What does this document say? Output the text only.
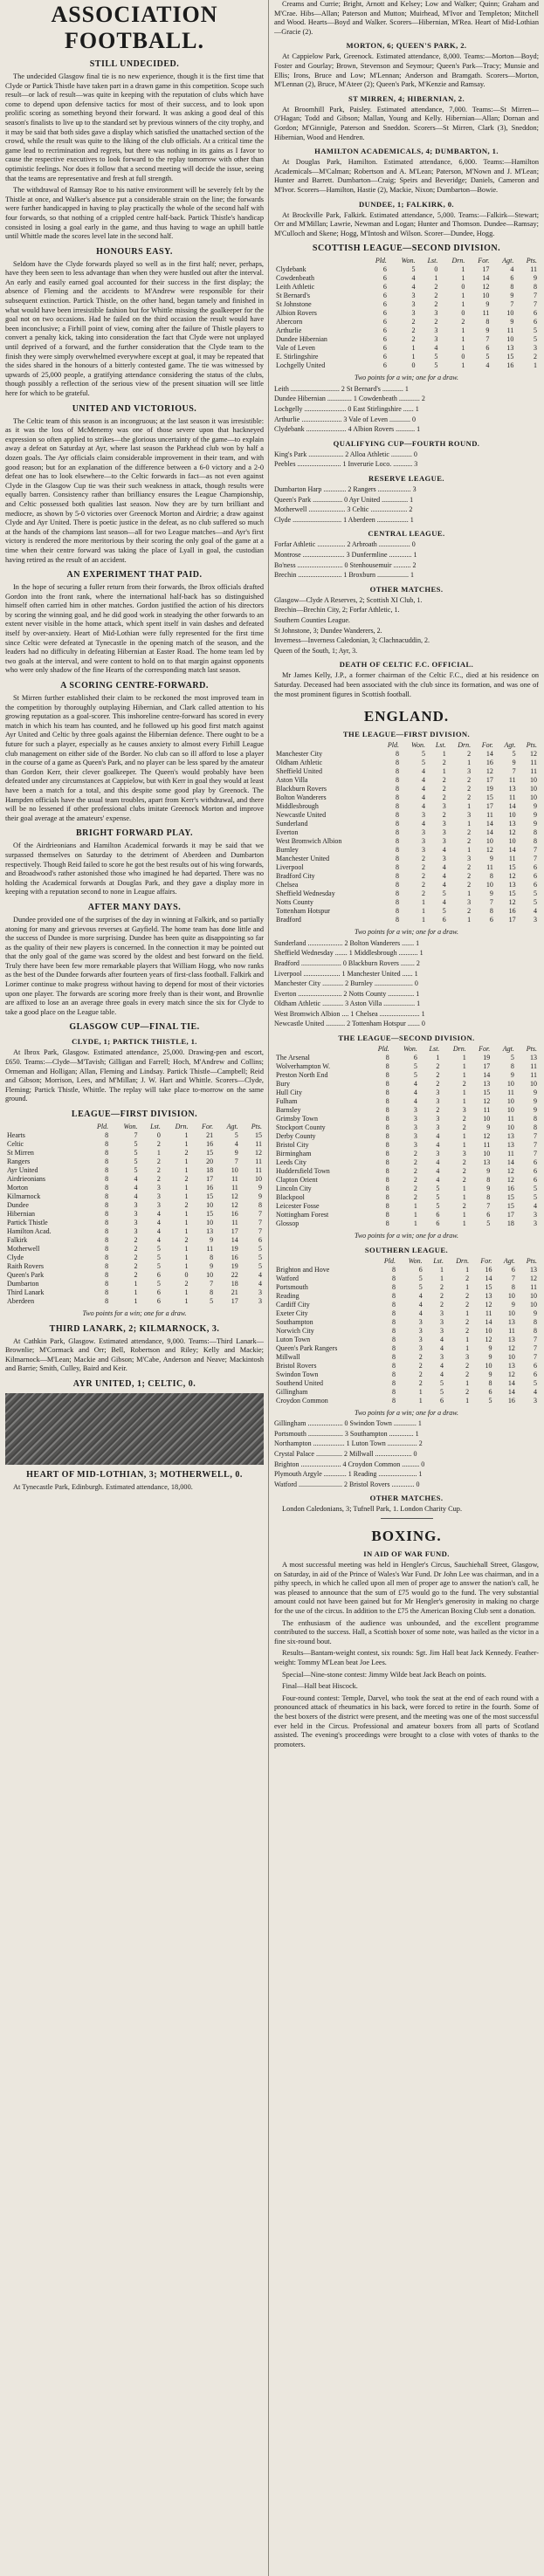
ASSOCIATION FOOTBALL.
STILL UNDECIDED.

The undecided Glasgow final tie is no new experience, though it is the first time that Clyde or Partick Thistle have taken part in a drawn game in this competition. Scope such result—or lack of result—was quite in keeping with the reputation of clubs which have come to depend upon defensive tactics for most of their success, and to look upon prolific scoring as something beyond their forward. It was asking a good deal of this season's finalists to live up to the standard set by previous winners of the city trophy, and it may be said that both sides gave a display which satisfied the unattached section of the crowd, while the result was quite to the liking of the club officials. At a critical time the game lead to recrimination and regrets, but there was nothing in its gains as I favor to cause the respective executives to look forward to the replay tomorrow with other than optimistic feelings. Nor does it follow that a second meeting will decide the issue, seeing that the teams are representative and fresh at full strength.

The withdrawal of Ramsay Roe to his native environment will be severely felt by the Thistle at once, and Walker's absence put a considerable strain on the line; the forwards were further handicapped in having to play practically the whole of the second half with four forwards, so that nothing of a crippled centre half-back. Partick Thistle's handicap consisted in losing a goal early in the game, and thus having to wage an uphill battle until Whittle made the scores level late in the second half.

HONOURS EASY.

Seldom have the Clyde forwards played so well as in the first half; never, perhaps, have they been seen to less advantage than when they were hustled out after the interval. An early and easily earned goal accounted for their success in the first display; the absence of Fleming and the accidents to M'Andrew were responsible for their subsequent extinction. Partick Thistle, on the other hand, began tamely and finished in what would have been irresistible fashion but for Whittle missing the goalkeeper for the goal not on two occasions. Had he failed on the third occasion the result would have been inconclusive; a Firhill point of view, coming after the failure of Thistle players to convert a penalty kick, taking into consideration the fact that Clyde were not unplayed until deprived of a forward, and the further consideration that the Clyde team to the finish they were simply overwhelmed everywhere except at goal, it may be repeated that the sides shared in the honours of a bitterly contested game. The tie was witnessed by upwards of 25,000 people, a gratifying attendance considering the status of the clubs, though possibly a reflection of the serious view of the present situation will see little here for which to be grateful.

UNITED AND VICTORIOUS.

The Celtic team of this season is an incongruous; at the last season it was irresistible: as it was the loss of McMenemy was one of those severe upon that hackneyed expression so often applied to strikes—the glorious uncertainty of the game—to explain away a defeat on Saturday at Ayr, where last season the Parkhead club won by half a dozen goals. The Ayr officials claim considerable improvement in their team, and with good reason; but for an explanation of the difference between a 6-0 victory and a 2-0 defeat one has to look elsewhere—to the Celtic forwards in fact—as not even against Clyde in the Glasgow Cup tie was their such weakness in attack, though results were equally barren. Consistency rather than brilliancy ensures the League Championship, and Celtic possessed both qualities last season. Now they are by turn brilliant and mediocre, as shown by 5-0 victories over Greenock Morton and Airdrie; a draw against Clyde and Ayr United. There is poetic justice in the defeat, as no club suffered so much at the hands of the champions last season—all for two League matches—and Ayr's first victory is rendered the more meritorious by their scoring the only goal of the game at a time when their centre forward was taking the place of Lyall in goal, the custodian having retired as the result of an accident.

AN EXPERIMENT THAT PAID.

In the hope of securing a fuller return from their forwards, the Ibrox officials drafted Gordon into the front rank, where the international half-back has so distinguished himself often carried him in other matches. Gordon justified the action of his directors by scoring the winning goal, and he did good work in steadying the other forwards to an extent never visible in the home attack, which spent itself in vain dashes and defeated itself by over-anxiety. Heart of Mid-Lothian were fully represented for the first time since Celtic were defeated at Tynecastle in the opening match of the season, and the leaders had no difficulty in defeating Hibernian at Easter Road. The home team led by two goals at the interval, and were content to hold on to that margin against opponents who were only shadow of the fine Hearts of the corresponding match last season.

A SCORING CENTRE-FORWARD.

St Mirren further established their claim to be reckoned the most improved team in the competition by thoroughly outplaying Hibernian, and Clark called attention to his growing reputation as a goal-scorer. This inshoreline centre-forward has scored in every match in which his team has counted, and he followed up his good first match against Ayr United and Celtic by three goals against the Hibernian defence. There ought to be a future for such a player, especially as he causes anxiety to almost every Firhill League club management on either side of the Border. No club can so ill afford to lose a player in the course of a game as Queen's Park, and no player can be less spared by the amateur than Gordon Kerr, their clever goalkeeper. The Queen's would probably have been defeated under any circumstances at Cappielow, but with Kerr in goal they would at least have been a match for a total, and this despite some good play by Greenock. The Hampden officials have the usual team troubles, apart from Kerr's withdrawal, and there will be no lessened if other professional clubs imitate Greenock Morton and improve their goal average at the amateurs' expense.

BRIGHT FORWARD PLAY.

Of the Airdrieonians and Hamilton Academical forwards it may be said that we surpassed themselves on Saturday to the detriment of Aberdeen and Dumbarton respectively. Though Reid failed to score he got the best results out of his wing forwards, and Broadwood's rather astonished those who imagined he had departed. There was no holding the Academical forwards at Douglas Park, and they gave a display more in keeping with a reputation second to none in League affairs.

AFTER MANY DAYS.

Dundee provided one of the surprises of the day in winning at Falkirk, and so partially atoning for many and grievous reverses at Gayfield. The home team has done little and the success of Dundee is more surprising. Dundee has been quite as disappointing so far as the quality of their new players is concerned. In the connection it may be pointed out that the only goal of the game was scored by the oldest and best forward on the field. Truly there have been few more remarkable players that William Hogg, who now ranks as the best of the Dundee forwards after fourteen years of first-class football. Falkirk and Lorimer continue to make progress without having to depend for most of their victories upon one player. The forwards are scoring more freely than is their wont, and Brownlie are affixed to lose an an average three goals in every match since the six for Clyde to take a good place on the League table.

GLASGOW CUP—FINAL TIE.
CLYDE, 1; PARTICK THISTLE, 1.

At Ibrox Park, Glasgow. Estimated attendance, 25,000. Drawing-pen and escort, £650. Teams:—Clyde—M'Tavish; Gilligan and Farrell; Hoch, M'Andrew and Collins; Ormeman and Holligan; Allan, Fleming and Lindsay. Partick Thistle—Campbell; Reid and Gibson; Morrison, Lees, and M'Millan; J. W. Hart and Whittle. Scorers—Clyde, Fleming; Partick Thistle, Whittle. The replay will take place to-morrow on the same ground.

LEAGUE—FIRST DIVISION.
	Pld.	Won.	Lst.	Drn.	For.	Agt.	Pts.
Hearts	8	7	0	1	21	5	15
Celtic	8	5	2	1	16	4	11
St Mirren	8	5	1	2	15	9	12
Rangers	8	5	2	1	20	7	11
Ayr United	8	5	2	1	18	10	11
Airdrieonians	8	4	2	2	17	11	10
Morton	8	4	3	1	16	11	9
Kilmarnock	8	4	3	1	15	12	9
Dundee	8	3	3	2	10	12	8
Hibernian	8	3	4	1	15	16	7
Partick Thistle	8	3	4	1	10	11	7
Hamilton Acad.	8	3	4	1	13	17	7
Falkirk	8	2	4	2	9	14	6
Motherwell	8	2	5	1	11	19	5
Clyde	8	2	5	1	8	16	5
Raith Rovers	8	2	5	1	9	19	5
Queen's Park	8	2	6	0	10	22	4
Dumbarton	8	1	5	2	7	18	4
Third Lanark	8	1	6	1	8	21	3
Aberdeen	8	1	6	1	5	17	3

Two points for a win; one for a draw.

THIRD LANARK, 2; KILMARNOCK, 3.

At Cathkin Park, Glasgow. Estimated attendance, 9,000. Teams:—Third Lanark—Brownlie; M'Cormack and Orr; Bell, Robertson and Riley; Kelly and Mackie; Kilmarnock—M'Lean; Mackie and Gibson; M'Cabe, Anderson and Neave; Mackintosh and Barrie; Smith, Culley, Baird and Keir.

AYR UNITED, 1; CELTIC, 0.
HEART OF MID-LOTHIAN, 3; MOTHERWELL, 0.

At Tynecastle Park, Edinburgh. Estimated attendance, 18,000.

Creams and Currie; Bright, Arnott and Kelsey; Low and Walker; Quinn; Graham and M'Crae. Hibs—Allan; Paterson and Mutton; Muirhead, M'Ivor and Templeton; Mitchell and Wood. Hearts—Boyd and Walker. Scorers—Hibernian, M'Rea. Heart of Mid-Lothian—Gracie (2).

MORTON, 6; QUEEN'S PARK, 2.

At Cappielow Park, Greenock. Estimated attendance, 8,000. Teams:—Morton—Boyd; Foster and Gourlay; Brown, Stevenson and Seymour; Queen's Park—Tracy; Munsie and Ellis; Irons, Bruce and Low; M'Lennan; Anderson and Bramgath. Scorers—Morton, M'Lennan (2), Bruce, M'Ateer (2); Queen's Park, M'Kenzie and Ramsay.

ST MIRREN, 4; HIBERNIAN, 2.

At Broomhill Park, Paisley. Estimated attendance, 7,000. Teams:—St Mirren—O'Hagan; Todd and Gibson; Mallan, Young and Kelly. Hibernian—Allan; Dornan and Gordon; M'Ginnigle, Paterson and Sneddon. Scorers—St Mirren, Clark (3), Sneddon; Hibernian, Wood and Hendren.

HAMILTON ACADEMICALS, 4; DUMBARTON, 1.

At Douglas Park, Hamilton. Estimated attendance, 6,000. Teams:—Hamilton Academicals—M'Calman; Robertson and A. M'Lean; Paterson, M'Nown and J. M'Lean; Hunter and Barrett. Dumbarton—Craig; Speirs and Beveridge; Daniels, Cameron and M'Ivor. Scorers—Hamilton, Hastie (2), Mackie, Nixon; Dumbarton—Bowie.

DUNDEE, 1; FALKIRK, 0.

At Brockville Park, Falkirk. Estimated attendance, 5,000. Teams:—Falkirk—Stewart; Orr and M'Millan; Lawrie, Newman and Logan; Hunter and Thomson. Dundee—Ramsay; M'Culloch and Skene; Hogg, M'Intosh and Wilson. Scorer—Dundee, Hogg.

SCOTTISH LEAGUE—SECOND DIVISION.
	Pld.	Won.	Lst.	Drn.	For.	Agt.	Pts.
Clydebank	6	5	0	1	17	4	11
Cowdenbeath	6	4	1	1	14	6	9
Leith Athletic	6	4	2	0	12	8	8
St Bernard's	6	3	2	1	10	9	7
St Johnstone	6	3	2	1	9	7	7
Albion Rovers	6	3	3	0	11	10	6
Abercorn	6	2	2	2	8	9	6
Arthurlie	6	2	3	1	9	11	5
Dundee Hibernian	6	2	3	1	7	10	5
Vale of Leven	6	1	4	1	6	13	3
E. Stirlingshire	6	1	5	0	5	15	2
Lochgelly United	6	0	5	1	4	16	1

Two points for a win; one for a draw.

Leith ............................ 2 St Bernard's ............ 1
Dundee Hibernian .............. 1 Cowdenbeath ............ 2
Lochgelly ........................ 0 East Stirlingshire ...... 1
Arthurlie ....................... 3 Vale of Leven ............ 0
Clydebank ....................... 4 Albion Rovers ........... 1
QUALIFYING CUP—FOURTH ROUND.
King's Park .................... 2 Alloa Athletic ............ 0
Peebles ......................... 1 Inverurie Loco. ........... 3
RESERVE LEAGUE.
Dumbarton Harp ............. 2 Rangers ................... 3
Queen's Park ................. 0 Ayr United ............... 1
Motherwell ..................... 3 Celtic ..................... 2
Clyde ............................ 1 Aberdeen .................. 1
CENTRAL LEAGUE.
Forfar Athletic ................ 2 Arbroath .................. 0
Montrose ........................ 3 Dunfermline ............. 1
Bo'ness .......................... 0 Stenhousemuir .......... 2
Brechin ......................... 1 Broxburn .................. 1
OTHER MATCHES.
Glasgow—Clyde A Reserves, 2; Scottish XI Club, 1.
Brechin—Brechin City, 2; Forfar Athletic, 1.
Southern Counties League.
St Johnstone, 3; Dundee Wanderers, 2.
Inverness—Inverness Caledonian, 3; Clachnacuddin, 2.
Queen of the South, 1; Ayr, 3.
DEATH OF CELTIC F.C. OFFICIAL.

Mr James Kelly, J.P., a former chairman of the Celtic F.C., died at his residence on Saturday. Deceased had been associated with the club since its formation, and was one of the most prominent figures in Scottish football.

ENGLAND.
THE LEAGUE—FIRST DIVISION.
	Pld.	Won.	Lst.	Drn.	For.	Agt.	Pts.
Manchester City	8	5	1	2	14	5	12
Oldham Athletic	8	5	2	1	16	9	11
Sheffield United	8	4	1	3	12	7	11
Aston Villa	8	4	2	2	17	11	10
Blackburn Rovers	8	4	2	2	19	13	10
Bolton Wanderers	8	4	2	2	15	11	10
Middlesbrough	8	4	3	1	17	14	9
Newcastle United	8	3	2	3	11	10	9
Sunderland	8	4	3	1	14	13	9
Everton	8	3	3	2	14	12	8
West Bromwich Albion	8	3	3	2	10	10	8
Burnley	8	3	4	1	12	14	7
Manchester United	8	2	3	3	9	11	7
Liverpool	8	2	4	2	11	15	6
Bradford City	8	2	4	2	8	12	6
Chelsea	8	2	4	2	10	13	6
Sheffield Wednesday	8	2	5	1	9	15	5
Notts County	8	1	4	3	7	12	5
Tottenham Hotspur	8	1	5	2	8	16	4
Bradford	8	1	6	1	6	17	3

Two points for a win; one for a draw.

Sunderland .................... 2 Bolton Wanderers ....... 1
Sheffield Wednesday ....... 1 Middlesbrough ........... 1
Bradford ....................... 0 Blackburn Rovers ........ 2
Liverpool ..................... 1 Manchester United ...... 1
Manchester City ............ 2 Burnley ...................... 0
Everton ......................... 2 Notts County ............... 1
Oldham Athletic ............ 3 Aston Villa .................. 1
West Bromwich Albion .... 1 Chelsea ....................... 1
Newcastle United ........... 2 Tottenham Hotspur ....... 0
THE LEAGUE—SECOND DIVISION.
	Pld.	Won.	Lst.	Drn.	For.	Agt.	Pts.
The Arsenal	8	6	1	1	19	5	13
Wolverhampton W.	8	5	2	1	17	8	11
Preston North End	8	5	2	1	14	9	11
Bury	8	4	2	2	13	10	10
Hull City	8	4	3	1	15	11	9
Fulham	8	4	3	1	12	10	9
Barnsley	8	3	2	3	11	10	9
Grimsby Town	8	3	3	2	10	11	8
Stockport County	8	3	3	2	9	10	8
Derby County	8	3	4	1	12	13	7
Bristol City	8	3	4	1	11	13	7
Birmingham	8	2	3	3	10	11	7
Leeds City	8	2	4	2	13	14	6
Huddersfield Town	8	2	4	2	9	12	6
Clapton Orient	8	2	4	2	8	12	6
Lincoln City	8	2	5	1	9	16	5
Blackpool	8	2	5	1	8	15	5
Leicester Fosse	8	1	5	2	7	15	4
Nottingham Forest	8	1	6	1	6	17	3
Glossop	8	1	6	1	5	18	3

Two points for a win; one for a draw.

SOUTHERN LEAGUE.
	Pld.	Won.	Lst.	Drn.	For.	Agt.	Pts.
Brighton and Hove	8	6	1	1	16	6	13
Watford	8	5	1	2	14	7	12
Portsmouth	8	5	2	1	15	8	11
Reading	8	4	2	2	13	10	10
Cardiff City	8	4	2	2	12	9	10
Exeter City	8	4	3	1	11	10	9
Southampton	8	3	3	2	14	13	8
Norwich City	8	3	3	2	10	11	8
Luton Town	8	3	4	1	12	13	7
Queen's Park Rangers	8	3	4	1	9	12	7
Millwall	8	2	3	3	9	10	7
Bristol Rovers	8	2	4	2	10	13	6
Swindon Town	8	2	4	2	9	12	6
Southend United	8	2	5	1	8	14	5
Gillingham	8	1	5	2	6	14	4
Croydon Common	8	1	6	1	5	16	3

Two points for a win; one for a draw.

Gillingham .................... 0 Swindon Town ............. 1
Portsmouth .................... 3 Southampton .............. 1
Northampton .................. 1 Luton Town ................. 2
Crystal Palace ............... 2 Millwall ..................... 0
Brighton ....................... 4 Croydon Common .......... 0
Plymouth Argyle ............. 1 Reading ...................... 1
Watford ......................... 2 Bristol Rovers ............. 0
OTHER MATCHES.

London Caledonians, 3; Tufnell Park, 1. London Charity Cup.

BOXING.
IN AID OF WAR FUND.

A most successful meeting was held in Hengler's Circus, Sauchiehall Street, Glasgow, on Saturday, in aid of the Prince of Wales's War Fund. Dr John Lee was chairman, and in a pithy speech, in which he called upon all men of proper age to answer the nation's call, he was pleased to announce that the sum of £75 would go to the fund. The very substantial amount could not have been gained but for Mr Hengler's generosity in making no charge for the use of the circus. In addition to the £75 the American Boxing Club sent a donation.

The enthusiasm of the audience was unbounded, and the excellent programme contributed to the success. Hall, a Scottish boxer of some note, was hailed as the victor in a fine six-round bout.

Results—Bantam-weight contest, six rounds: Sgt. Jim Hall beat Jack Kennedy. Feather-weight: Tommy M'Lean beat Joe Lees.

Special—Nine-stone contest: Jimmy Wilde beat Jack Beach on points.

Final—Hall beat Hiscock.

Four-round contest: Temple, Darvel, who took the seat at the end of each round with a pronounced attack of rheumatics in his back, were forced to retire in the fourth. Some of the best boxers of the district were present, and the meeting was one of the most successful ever held in the Circus. Professional and amateur boxers from all parts of Scotland assisted. The evening's proceedings were brought to a close with votes of thanks to the promoters.
